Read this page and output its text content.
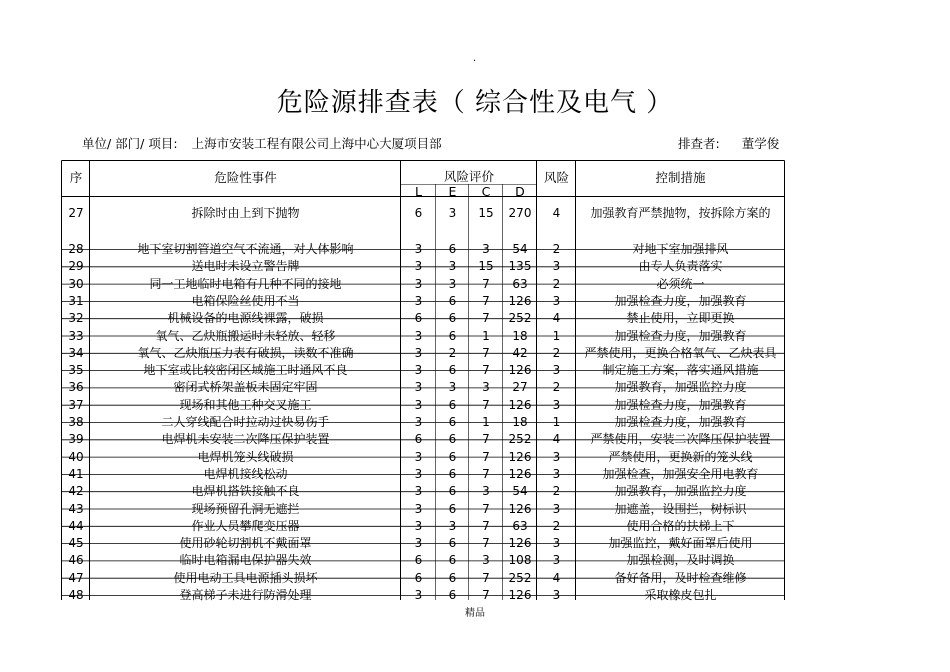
·
危险源排查表（ 综合性及电气 ）
单位/ 部门/ 项目: 上海市安装工程有限公司上海中心大厦项目部	排查者: 董学俊
序	危险性事件	风险评价
L	E	C	D
风险	控制措施
27	拆除时由上到下抛物	6	3	15	270	4	加强教育严禁抛物，按拆除方案的
28	地下室切割管道空气不流通，对人体影响	3	6	3	54	2	对地下室加强排风
29	送电时未设立警告牌	3	3	15	135	3	由专人负责落实
30	同一工地临时电箱有几种不同的接地	3	3	7	63	2	必须统一
31	电箱保险丝使用不当	3	6	7	126	3	加强检查力度，加强教育
32	机械设备的电源线裸露，破损	6	6	7	252	4	禁止使用，立即更换
33	氧气、乙炔瓶搬运时未轻放、轻移	3	6	1	18	1	加强检查力度，加强教育
34	氧气、乙炔瓶压力表有破损，读数不准确	3	2	7	42	2	严禁使用，更换合格氧气、乙炔表具
35	地下室或比较密闭区域施工时通风不良	3	6	7	126	3	制定施工方案，落实通风措施
36	密闭式桥架盖板未固定牢固	3	3	3	27	2	加强教育，加强监控力度
37	现场和其他工种交叉施工	3	6	7	126	3	加强检查力度，加强教育
38	二人穿线配合时拉动过快易伤手	3	6	1	18	1	加强检查力度，加强教育
39	电焊机未安装二次降压保护装置	6	6	7	252	4	严禁使用，安装二次降压保护装置
40	电焊机笼头线破损	3	6	7	126	3	严禁使用，更换新的笼头线
41	电焊机接线松动	3	6	7	126	3	加强检查，加强安全用电教育
42	电焊机搭铁接触不良	3	6	3	54	2	加强教育，加强监控力度
43	现场预留孔洞无遮拦	3	6	7	126	3	加遮盖，设围拦，树标识
44	作业人员攀爬变压器	3	3	7	63	2	使用合格的扶梯上下
45	使用砂轮切割机不戴面罩	3	6	7	126	3	加强监控，戴好面罩后使用
46	临时电箱漏电保护器失效	6	6	3	108	3	加强检测，及时调换
47	使用电动工具电源插头损坏	6	6	7	252	4	备好备用，及时检查维修
48	登高梯子未进行防滑处理	3	6	7	126	3	采取橡皮包扎
精品
